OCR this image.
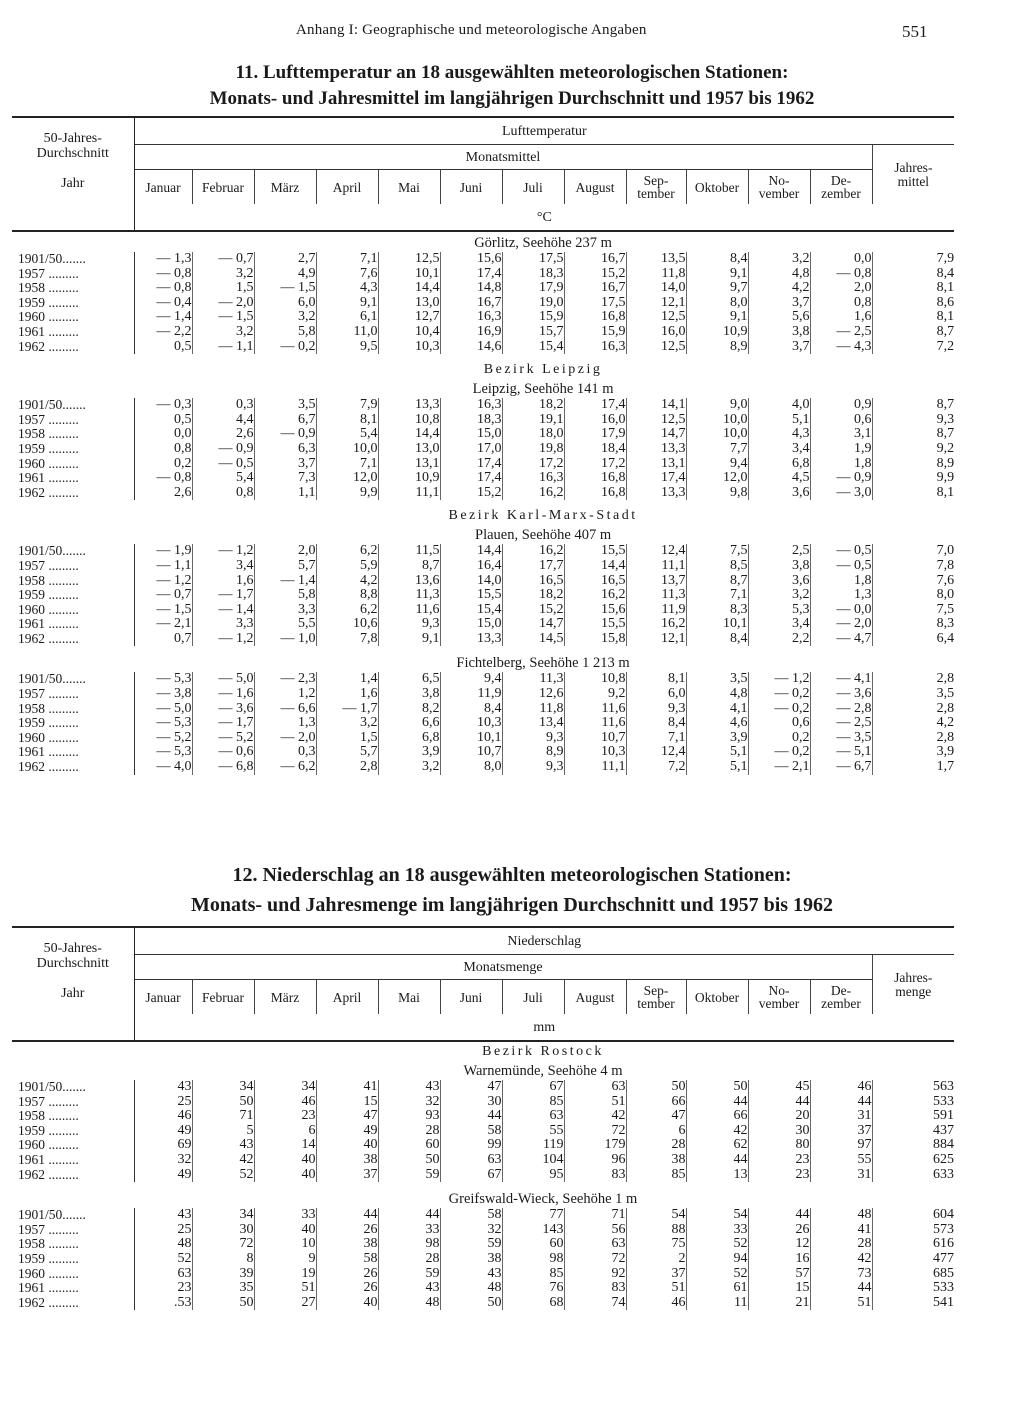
Anhang I: Geographische und meteorologische Angaben	551
11. Lufttemperatur an 18 ausgewählten meteorologischen Stationen:
Monats- und Jahresmittel im langjährigen Durchschnitt und 1957 bis 1962
50-Jahres-
Durchschnitt

Jahr	Lufttemperatur												
	Monatsmittel												Jahres-
mittel
	Januar	Februar	März	April	Mai	Juni	Juli	August	Sep-
tember	Oktober	No-
vember	De-
zember	
	°C												
Görlitz, Seehöhe 237 m													
1901/50.......	— 1,3	— 0,7	2,7	7,1	12,5	15,6	17,5	16,7	13,5	8,4	3,2	0,0	7,9
1957 .........	— 0,8	3,2	4,9	7,6	10,1	17,4	18,3	15,2	11,8	9,1	4,8	— 0,8	8,4
1958 .........	— 0,8	1,5	— 1,5	4,3	14,4	14,8	17,9	16,7	14,0	9,7	4,2	2,0	8,1
1959 .........	— 0,4	— 2,0	6,0	9,1	13,0	16,7	19,0	17,5	12,1	8,0	3,7	0,8	8,6
1960 .........	— 1,4	— 1,5	3,2	6,1	12,7	16,3	15,9	16,8	12,5	9,1	5,6	1,6	8,1
1961 .........	— 2,2	3,2	5,8	11,0	10,4	16,9	15,7	15,9	16,0	10,9	3,8	— 2,5	8,7
1962 .........	0,5	— 1,1	— 0,2	9,5	10,3	14,6	15,4	16,3	12,5	8,9	3,7	— 4,3	7,2

Bezirk Leipzig													
Leipzig, Seehöhe 141 m													
1901/50.......	— 0,3	0,3	3,5	7,9	13,3	16,3	18,2	17,4	14,1	9,0	4,0	0,9	8,7
1957 .........	0,5	4,4	6,7	8,1	10,8	18,3	19,1	16,0	12,5	10,0	5,1	0,6	9,3
1958 .........	0,0	2,6	— 0,9	5,4	14,4	15,0	18,0	17,9	14,7	10,0	4,3	3,1	8,7
1959 .........	0,8	— 0,9	6,3	10,0	13,0	17,0	19,8	18,4	13,3	7,7	3,4	1,9	9,2
1960 .........	0,2	— 0,5	3,7	7,1	13,1	17,4	17,2	17,2	13,1	9,4	6,8	1,8	8,9
1961 .........	— 0,8	5,4	7,3	12,0	10,9	17,4	16,3	16,8	17,4	12,0	4,5	— 0,9	9,9
1962 .........	2,6	0,8	1,1	9,9	11,1	15,2	16,2	16,8	13,3	9,8	3,6	— 3,0	8,1

Bezirk Karl-Marx-Stadt													
Plauen, Seehöhe 407 m													
1901/50.......	— 1,9	— 1,2	2,0	6,2	11,5	14,4	16,2	15,5	12,4	7,5	2,5	— 0,5	7,0
1957 .........	— 1,1	3,4	5,7	5,9	8,7	16,4	17,7	14,4	11,1	8,5	3,8	— 0,5	7,8
1958 .........	— 1,2	1,6	— 1,4	4,2	13,6	14,0	16,5	16,5	13,7	8,7	3,6	1,8	7,6
1959 .........	— 0,7	— 1,7	5,8	8,8	11,3	15,5	18,2	16,2	11,3	7,1	3,2	1,3	8,0
1960 .........	— 1,5	— 1,4	3,3	6,2	11,6	15,4	15,2	15,6	11,9	8,3	5,3	— 0,0	7,5
1961 .........	— 2,1	3,3	5,5	10,6	9,3	15,0	14,7	15,5	16,2	10,1	3,4	— 2,0	8,3
1962 .........	0,7	— 1,2	— 1,0	7,8	9,1	13,3	14,5	15,8	12,1	8,4	2,2	— 4,7	6,4

Fichtelberg, Seehöhe 1 213 m													
1901/50.......	— 5,3	— 5,0	— 2,3	1,4	6,5	9,4	11,3	10,8	8,1	3,5	— 1,2	— 4,1	2,8
1957 .........	— 3,8	— 1,6	1,2	1,6	3,8	11,9	12,6	9,2	6,0	4,8	— 0,2	— 3,6	3,5
1958 .........	— 5,0	— 3,6	— 6,6	— 1,7	8,2	8,4	11,8	11,6	9,3	4,1	— 0,2	— 2,8	2,8
1959 .........	— 5,3	— 1,7	1,3	3,2	6,6	10,3	13,4	11,6	8,4	4,6	0,6	— 2,5	4,2
1960 .........	— 5,2	— 5,2	— 2,0	1,5	6,8	10,1	9,3	10,7	7,1	3,9	0,2	— 3,5	2,8
1961 .........	— 5,3	— 0,6	0,3	5,7	3,9	10,7	8,9	10,3	12,4	5,1	— 0,2	— 5,1	3,9
1962 .........	— 4,0	— 6,8	— 6,2	2,8	3,2	8,0	9,3	11,1	7,2	5,1	— 2,1	— 6,7	1,7
12. Niederschlag an 18 ausgewählten meteorologischen Stationen:
Monats- und Jahresmenge im langjährigen Durchschnitt und 1957 bis 1962
50-Jahres-
Durchschnitt

Jahr	Niederschlag												
	Monatsmenge												Jahres-
menge
	Januar	Februar	März	April	Mai	Juni	Juli	August	Sep-
tember	Oktober	No-
vember	De-
zember	
	mm												
Bezirk Rostock													
Warnemünde, Seehöhe 4 m													
1901/50.......	43	34	34	41	43	47	67	63	50	50	45	46	563
1957 .........	25	50	46	15	32	30	85	51	66	44	44	44	533
1958 .........	46	71	23	47	93	44	63	42	47	66	20	31	591
1959 .........	49	5	6	49	28	58	55	72	6	42	30	37	437
1960 .........	69	43	14	40	60	99	119	179	28	62	80	97	884
1961 .........	32	42	40	38	50	63	104	96	38	44	23	55	625
1962 .........	49	52	40	37	59	67	95	83	85	13	23	31	633

Greifswald-Wieck, Seehöhe 1 m													
1901/50.......	43	34	33	44	44	58	77	71	54	54	44	48	604
1957 .........	25	30	40	26	33	32	143	56	88	33	26	41	573
1958 .........	48	72	10	38	98	59	60	63	75	52	12	28	616
1959 .........	52	8	9	58	28	38	98	72	2	94	16	42	477
1960 .........	63	39	19	26	59	43	85	92	37	52	57	73	685
1961 .........	23	35	51	26	43	48	76	83	51	61	15	44	533
1962 .........	.53	50	27	40	48	50	68	74	46	11	21	51	541
